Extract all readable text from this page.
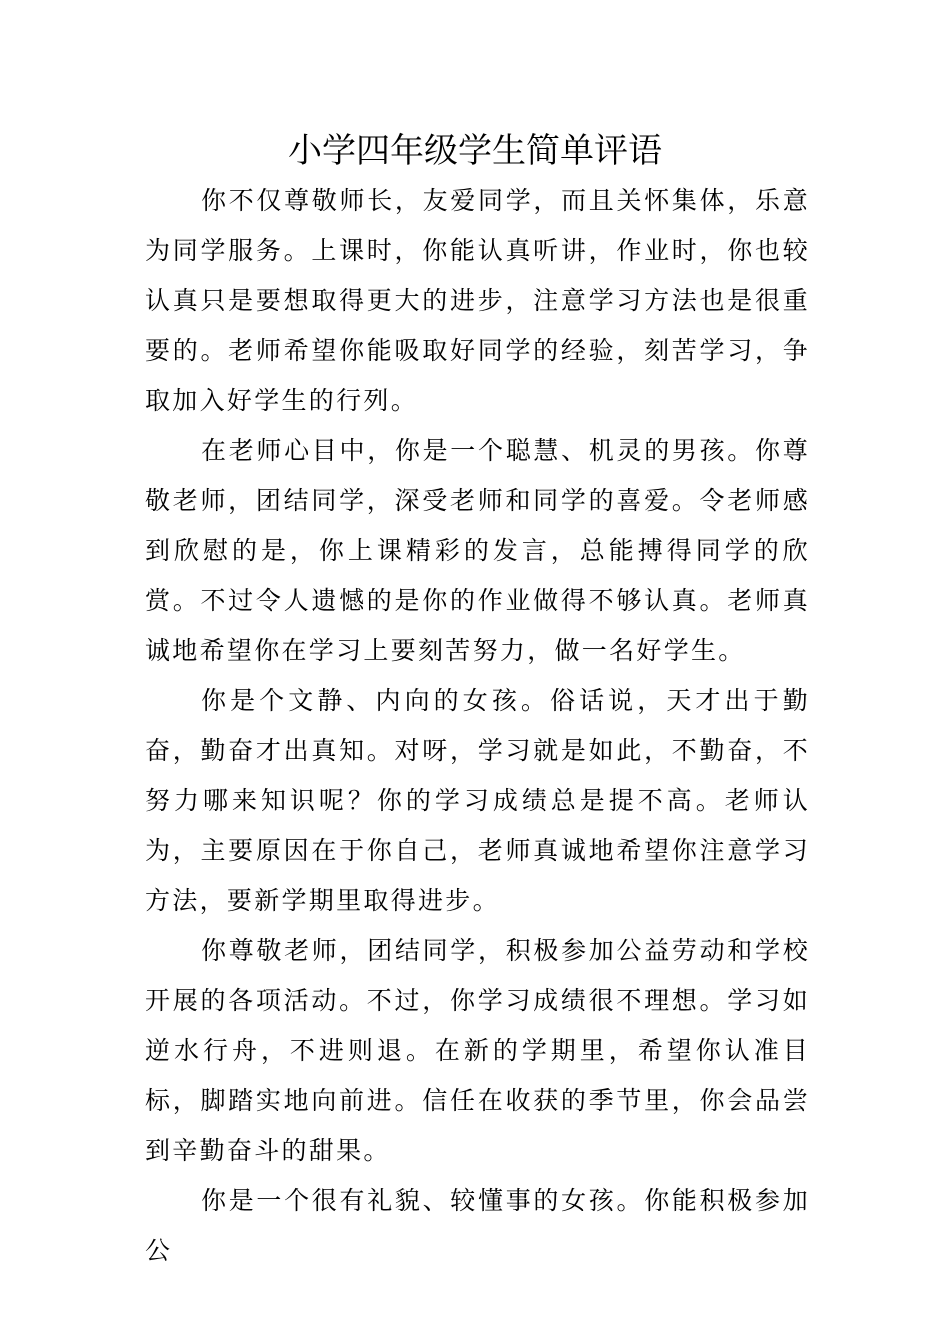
小学四年级学生简单评语

你不仅尊敬师长，友爱同学，而且关怀集体，乐意为同学服务。上课时，你能认真听讲，作业时，你也较认真只是要想取得更大的进步，注意学习方法也是很重要的。老师希望你能吸取好同学的经验，刻苦学习，争取加入好学生的行列。

在老师心目中，你是一个聪慧、机灵的男孩。你尊敬老师，团结同学，深受老师和同学的喜爱。令老师感到欣慰的是，你上课精彩的发言，总能搏得同学的欣赏。不过令人遗憾的是你的作业做得不够认真。老师真诚地希望你在学习上要刻苦努力，做一名好学生。

你是个文静、内向的女孩。俗话说，天才出于勤奋，勤奋才出真知。对呀，学习就是如此，不勤奋，不努力哪来知识呢？你的学习成绩总是提不高。老师认为，主要原因在于你自己，老师真诚地希望你注意学习方法，要新学期里取得进步。

你尊敬老师，团结同学，积极参加公益劳动和学校开展的各项活动。不过，你学习成绩很不理想。学习如逆水行舟，不进则退。在新的学期里，希望你认准目标，脚踏实地向前进。信任在收获的季节里，你会品尝到辛勤奋斗的甜果。

你是一个很有礼貌、较懂事的女孩。你能积极参加公
